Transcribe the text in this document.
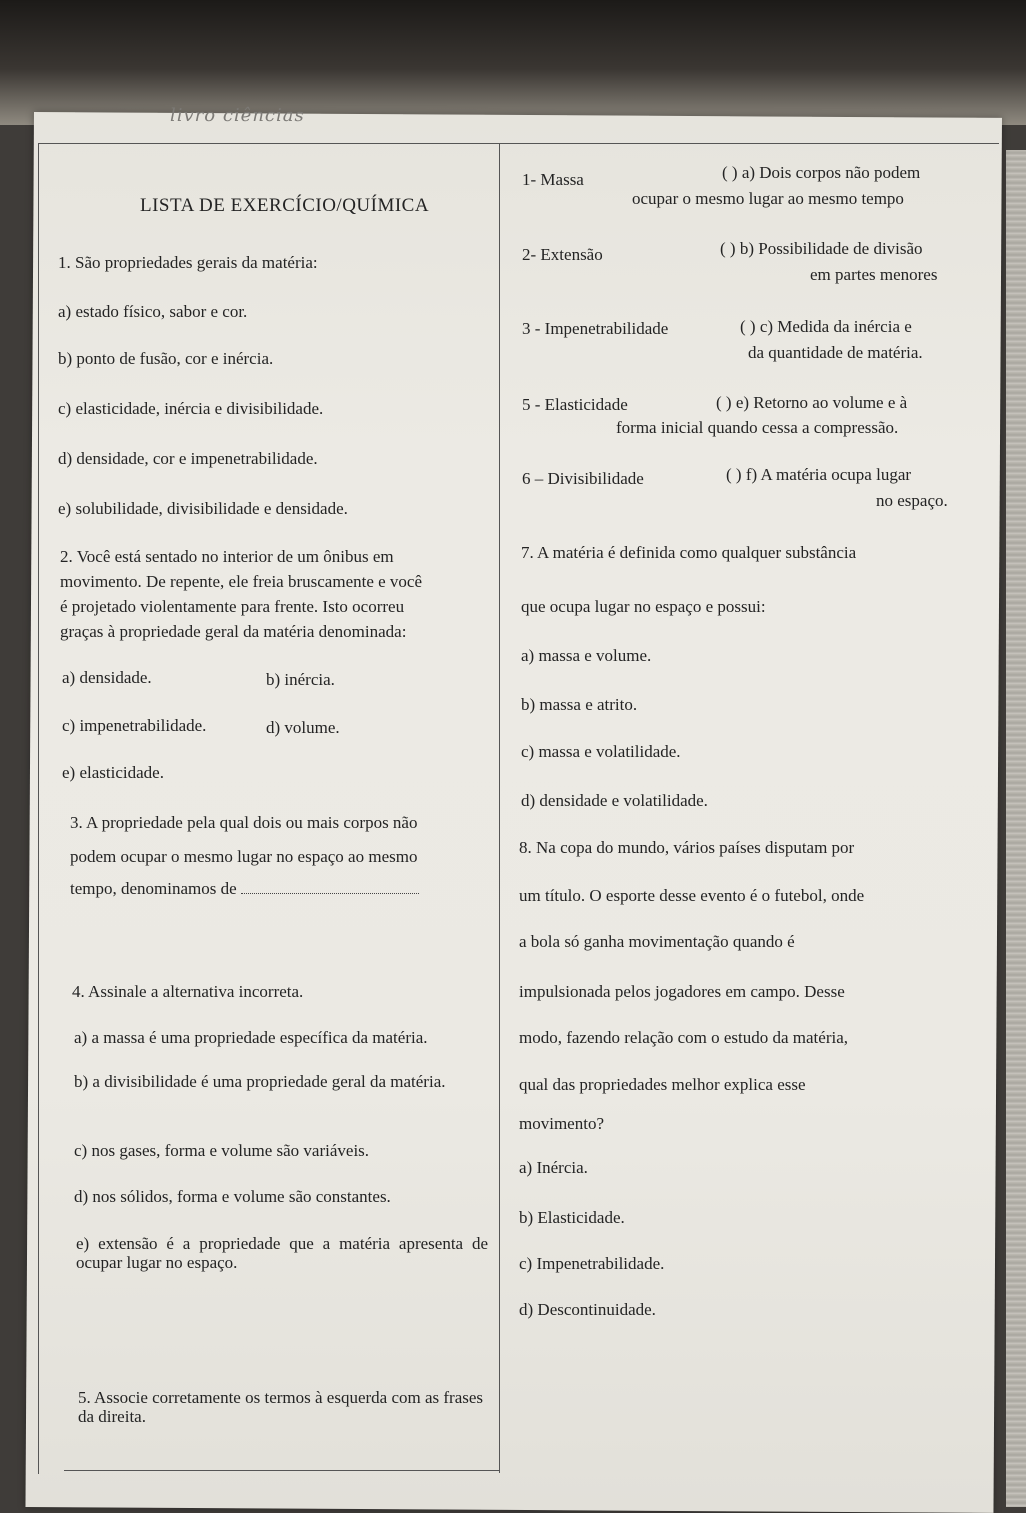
livro ciências
LISTA DE EXERCÍCIO/QUÍMICA
1. São propriedades gerais da matéria:
a) estado físico, sabor e cor.
b) ponto de fusão, cor e inércia.
c) elasticidade, inércia e divisibilidade.
d) densidade, cor e impenetrabilidade.
e) solubilidade, divisibilidade e densidade.
2. Você está sentado no interior de um ônibus em
movimento. De repente, ele freia bruscamente e você
é projetado violentamente para frente. Isto ocorreu
graças à propriedade geral da matéria denominada:
a) densidade.	b) inércia.
c) impenetrabilidade.	d) volume.
e) elasticidade.
3. A propriedade pela qual dois ou mais corpos não
podem ocupar o mesmo lugar no espaço ao mesmo
tempo, denominamos de
4. Assinale a alternativa incorreta.
a) a massa é uma propriedade específica da matéria.
b) a divisibilidade é uma propriedade geral da matéria.
c) nos gases, forma e volume são variáveis.
d) nos sólidos, forma e volume são constantes.
e) extensão é a propriedade que a matéria apresenta de ocupar lugar no espaço.
5. Associe corretamente os termos à esquerda com as frases da direita.
1- Massa	( ) a) Dois corpos não podem
ocupar o mesmo lugar ao mesmo tempo
2- Extensão	( ) b) Possibilidade de divisão
em partes menores
3 - Impenetrabilidade	( ) c) Medida da inércia e
da quantidade de matéria.
5 - Elasticidade	( ) e) Retorno ao volume e à
forma inicial quando cessa a compressão.
6 – Divisibilidade	( ) f) A matéria ocupa lugar
no espaço.
7. A matéria é definida como qualquer substância
que ocupa lugar no espaço e possui:
a) massa e volume.
b) massa e atrito.
c) massa e volatilidade.
d) densidade e volatilidade.
8. Na copa do mundo, vários países disputam por
um título. O esporte desse evento é o futebol, onde
a bola só ganha movimentação quando é
impulsionada pelos jogadores em campo. Desse
modo, fazendo relação com o estudo da matéria,
qual das propriedades melhor explica esse
movimento?
a) Inércia.
b) Elasticidade.
c) Impenetrabilidade.
d) Descontinuidade.
